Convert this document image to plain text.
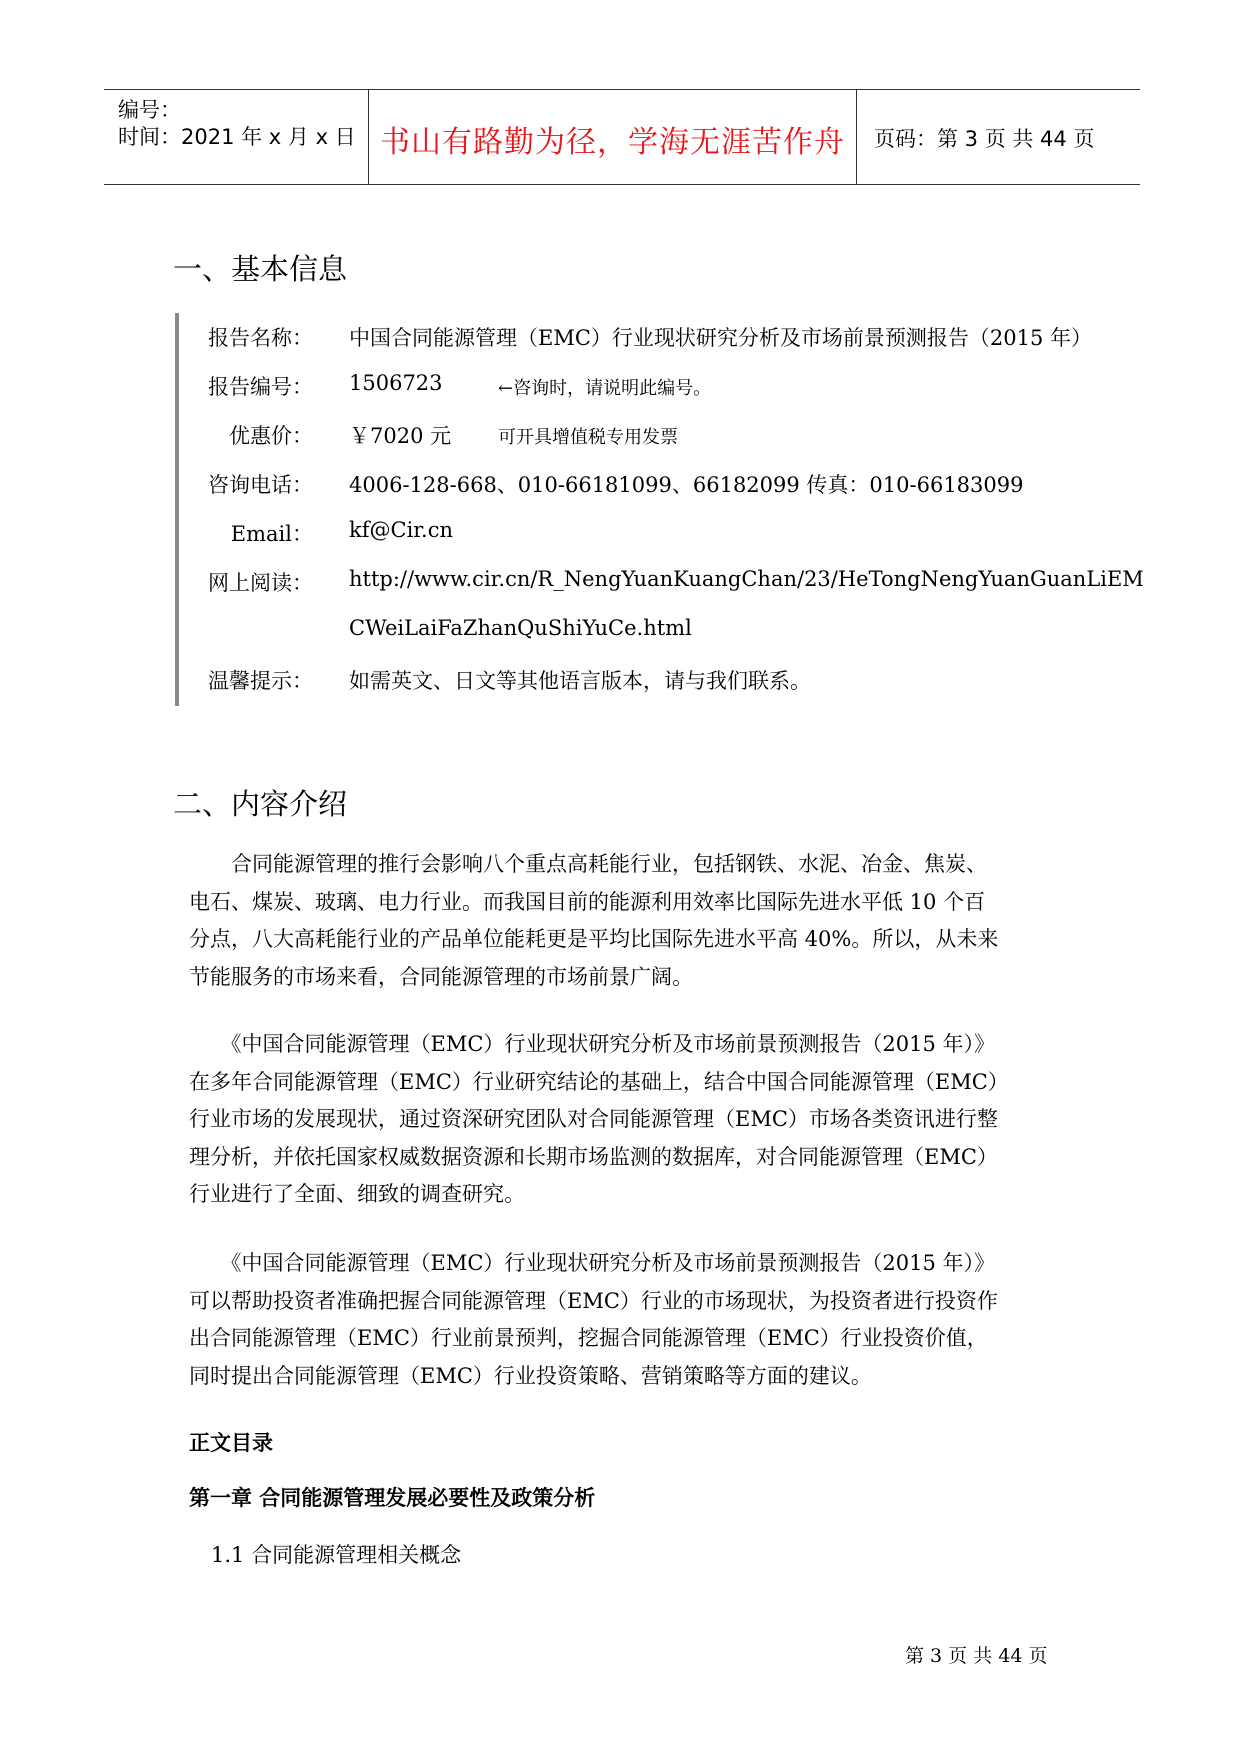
编号：
时间：2021 年 x 月 x 日 书山有路勤为径，学海无涯苦作舟	页码：第 3 页 共 44 页
一、基本信息
报告名称： 中国合同能源管理（EMC）行业现状研究分析及市场前景预测报告（2015 年）
报告编号： 1506723	←咨询时，请说明此编号。
优惠价： ￥7020 元	可开具增值税专用发票
咨询电话： 4006-128-668、010-66181099、66182099 传真：010-66183099
Email： kf@Cir.cn
网上阅读： http://www.cir.cn/R_NengYuanKuangChan/23/HeTongNengYuanGuanLiEM
CWeiLaiFaZhanQuShiYuCe.html
温馨提示： 如需英文、日文等其他语言版本，请与我们联系。
二、内容介绍
　　合同能源管理的推行会影响八个重点高耗能行业，包括钢铁、水泥、冶金、焦炭、
电石、煤炭、玻璃、电力行业。而我国目前的能源利用效率比国际先进水平低 10 个百
分点，八大高耗能行业的产品单位能耗更是平均比国际先进水平高 40%。所以，从未来
节能服务的市场来看，合同能源管理的市场前景广阔。
　　《中国合同能源管理（EMC）行业现状研究分析及市场前景预测报告（2015 年）》
在多年合同能源管理（EMC）行业研究结论的基础上，结合中国合同能源管理（EMC）
行业市场的发展现状，通过资深研究团队对合同能源管理（EMC）市场各类资讯进行整
理分析，并依托国家权威数据资源和长期市场监测的数据库，对合同能源管理（EMC）
行业进行了全面、细致的调查研究。
　　《中国合同能源管理（EMC）行业现状研究分析及市场前景预测报告（2015 年）》
可以帮助投资者准确把握合同能源管理（EMC）行业的市场现状，为投资者进行投资作
出合同能源管理（EMC）行业前景预判，挖掘合同能源管理（EMC）行业投资价值，
同时提出合同能源管理（EMC）行业投资策略、营销策略等方面的建议。
正文目录
第一章 合同能源管理发展必要性及政策分析
1.1 合同能源管理相关概念
第 3 页 共 44 页
